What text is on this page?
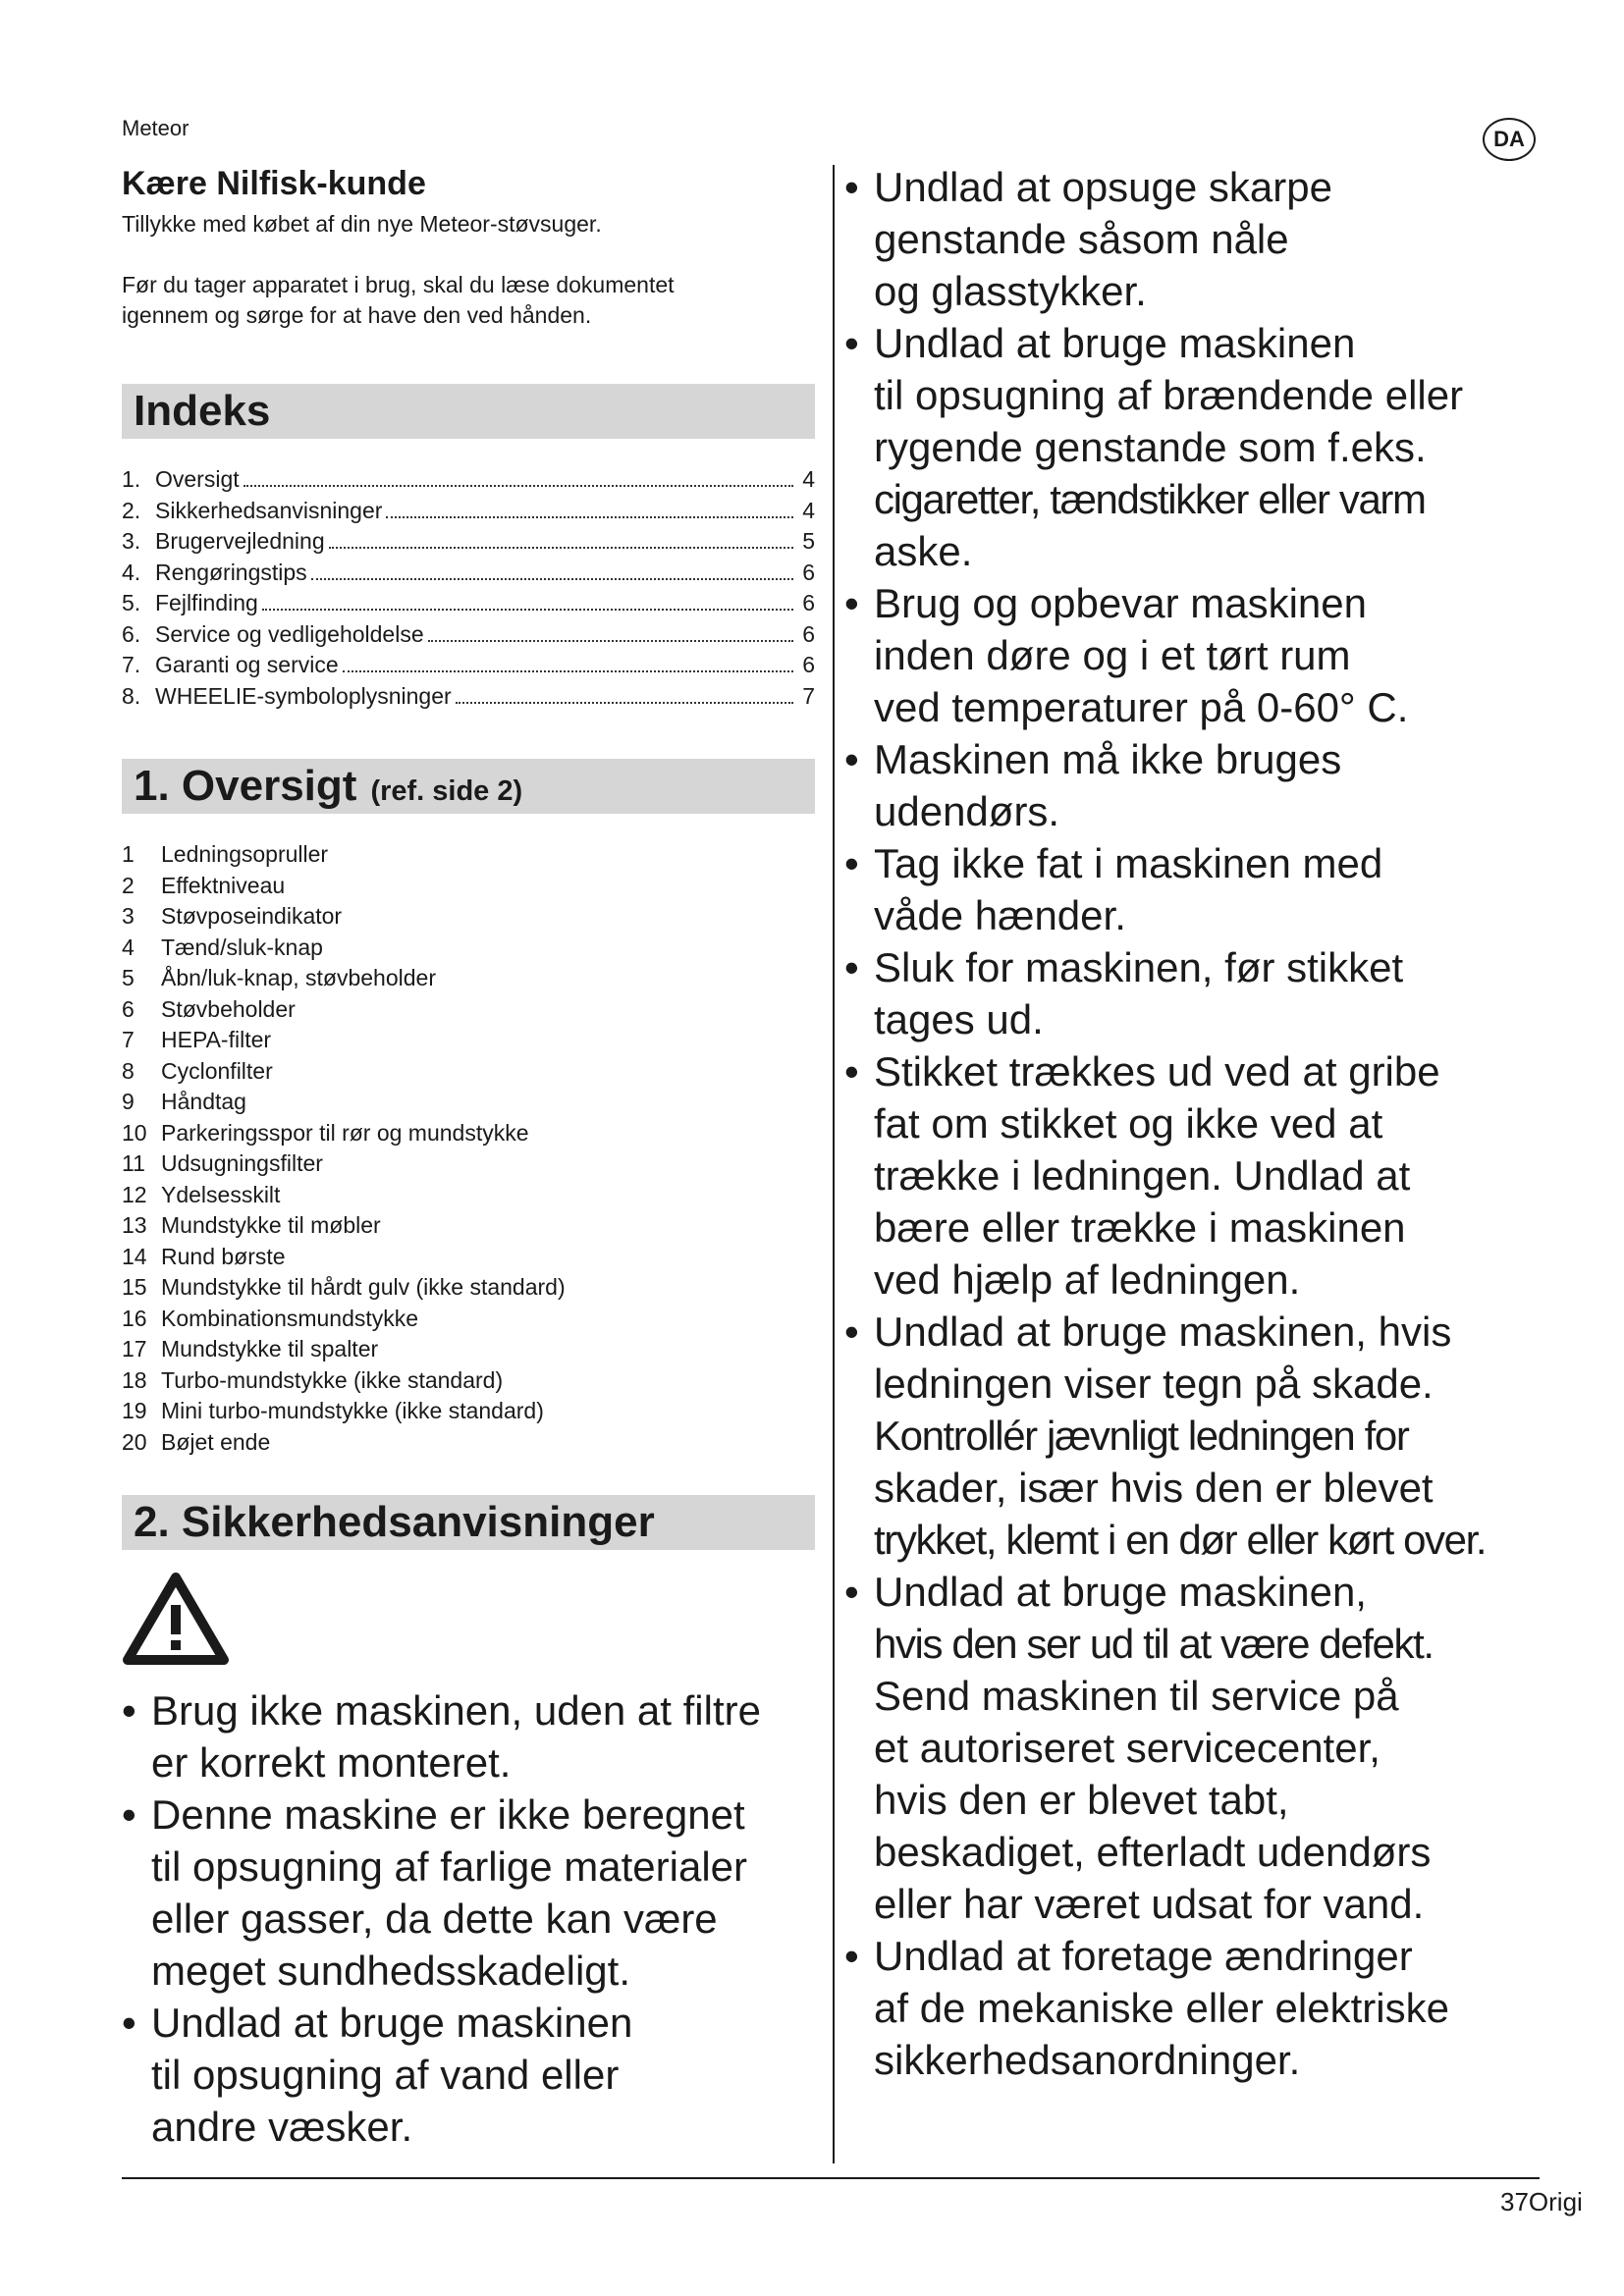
Meteor	DA
Kære Nilfisk-kunde

Tillykke med købet af din nye Meteor-støvsuger.

Før du tager apparatet i brug, skal du læse dokumentet

igennem og sørge for at have den ved hånden.

Indeks
1. Oversigt	4
2. Sikkerhedsanvisninger	4
3. Brugervejledning	5
4. Rengøringstips	6
5. Fejlfinding	6
6. Service og vedligeholdelse	6
7. Garanti og service	6
8. WHEELIE-symboloplysninger	7
1. Oversigt (ref. side 2)
1 Ledningsopruller
2 Effektniveau
3 Støvposeindikator
4 Tænd/sluk-knap
5 Åbn/luk-knap, støvbeholder
6 Støvbeholder
7 HEPA-filter
8 Cyclonfilter
9 Håndtag
10 Parkeringsspor til rør og mundstykke
11 Udsugningsfilter
12 Ydelsesskilt
13 Mundstykke til møbler
14 Rund børste
15 Mundstykke til hårdt gulv (ikke standard)
16 Kombinationsmundstykke
17 Mundstykke til spalter
18 Turbo-mundstykke (ikke standard)
19 Mini turbo-mundstykke (ikke standard)
20 Bøjet ende
2. Sikkerhedsanvisninger
• Brug ikke maskinen, uden at filtre
er korrekt monteret.
• Denne maskine er ikke beregnet
til opsugning af farlige materialer
eller gasser, da dette kan være
meget sundhedsskadeligt.
• Undlad at bruge maskinen
til opsugning af vand eller
andre væsker.
• Undlad at opsuge skarpe
genstande såsom nåle
og glasstykker.
• Undlad at bruge maskinen
til opsugning af brændende eller
rygende genstande som f.eks.
cigaretter, tændstikker eller varm
aske.
• Brug og opbevar maskinen
inden døre og i et tørt rum
ved temperaturer på 0-60° C.
• Maskinen må ikke bruges
udendørs.
• Tag ikke fat i maskinen med
våde hænder.
• Sluk for maskinen, før stikket
tages ud.
• Stikket trækkes ud ved at gribe
fat om stikket og ikke ved at
trække i ledningen. Undlad at
bære eller trække i maskinen
ved hjælp af ledningen.
• Undlad at bruge maskinen, hvis
ledningen viser tegn på skade.
Kontrollér jævnligt ledningen for
skader, især hvis den er blevet
trykket, klemt i en dør eller kørt over.
• Undlad at bruge maskinen,
hvis den ser ud til at være defekt.
Send maskinen til service på
et autoriseret servicecenter,
hvis den er blevet tabt,
beskadiget, efterladt udendørs
eller har været udsat for vand.
• Undlad at foretage ændringer
af de mekaniske eller elektriske
sikkerhedsanordninger.
37Origi
